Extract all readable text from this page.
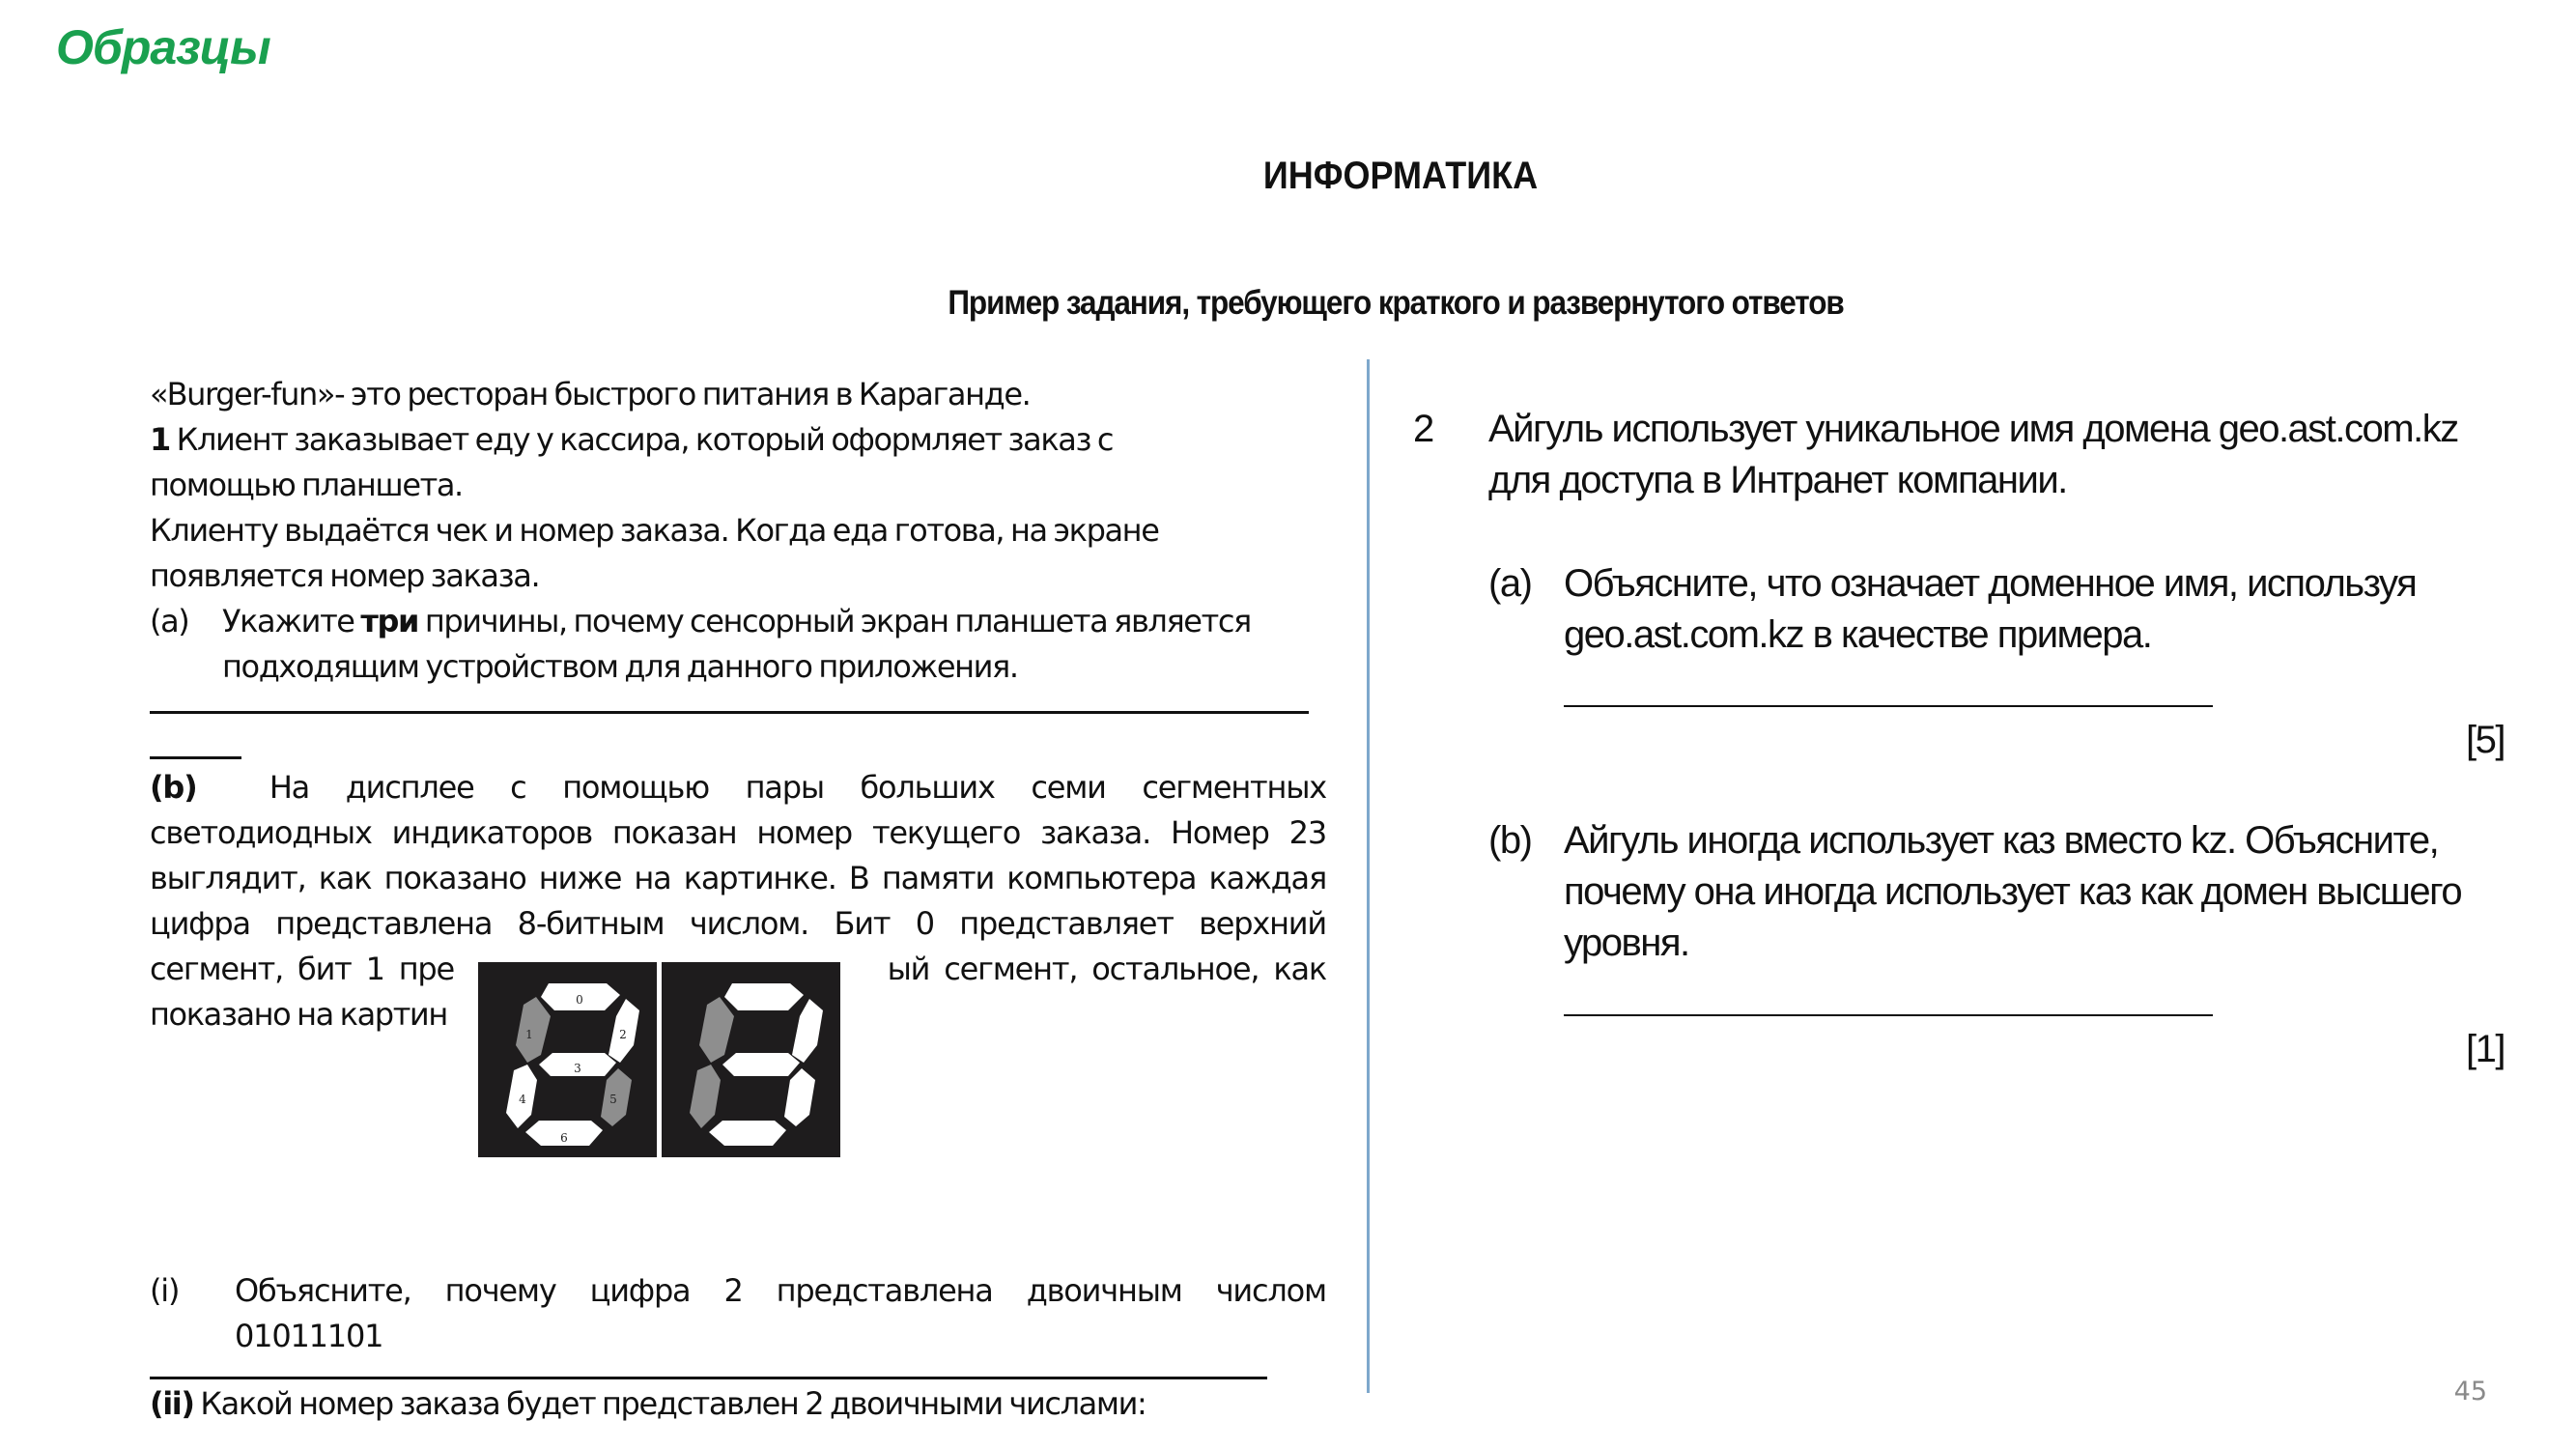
Образцы
ИНФОРМАТИКА
Пример задания, требующего краткого и развернутого ответов

«Burger-fun»- это ресторан быстрого питания в Караганде.

1 Клиент заказывает еду у кассира, который оформляет заказ с

помощью планшета.

Клиенту выдаётся чек и номер заказа. Когда еда готова, на экране

появляется номер заказа.

(a)	Укажите три причины, почему сенсорный экран планшета является
подходящим устройством для данного приложения.

(b) На дисплее с помощью пары больших семи сегментных

светодиодных индикаторов показан номер текущего заказа. Номер 23

выглядит, как показано ниже на картинке. В памяти компьютера каждая

цифра представлена 8-битным числом. Бит 0 представляет верхний

сегмент, бит 1 пре	ый сегмент, остальное, как

показано на картин	0
1	2
3
4	5
6
(i)	Объясните, почему цифра 2 представлена двоичным числом
01011101

(ii) Какой номер заказа будет представлен 2 двоичными числами:

2	Айгуль использует уникальное имя домена geo.ast.com.kz
для доступа в Интранет компании.
(a) Объясните, что означает доменное имя, используя
geo.ast.com.kz в качестве примера.
[5]
(b) Айгуль иногда использует каз вместо kz. Объясните,
почему она иногда использует каз как домен высшего
уровня.
[1]
45
